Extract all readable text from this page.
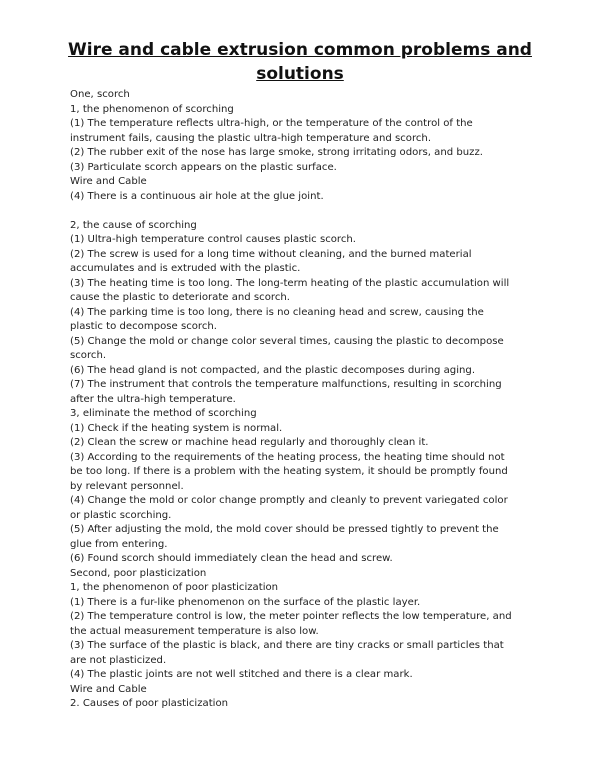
Wire and cable extrusion common problems and
solutions
One, scorch
1, the phenomenon of scorching
(1) The temperature reflects ultra-high, or the temperature of the control of the
instrument fails, causing the plastic ultra-high temperature and scorch.
(2) The rubber exit of the nose has large smoke, strong irritating odors, and buzz.
(3) Particulate scorch appears on the plastic surface.
Wire and Cable
(4) There is a continuous air hole at the glue joint.
2, the cause of scorching
(1) Ultra-high temperature control causes plastic scorch.
(2) The screw is used for a long time without cleaning, and the burned material
accumulates and is extruded with the plastic.
(3) The heating time is too long. The long-term heating of the plastic accumulation will
cause the plastic to deteriorate and scorch.
(4) The parking time is too long, there is no cleaning head and screw, causing the
plastic to decompose scorch.
(5) Change the mold or change color several times, causing the plastic to decompose
scorch.
(6) The head gland is not compacted, and the plastic decomposes during aging.
(7) The instrument that controls the temperature malfunctions, resulting in scorching
after the ultra-high temperature.
3, eliminate the method of scorching
(1) Check if the heating system is normal.
(2) Clean the screw or machine head regularly and thoroughly clean it.
(3) According to the requirements of the heating process, the heating time should not
be too long. If there is a problem with the heating system, it should be promptly found
by relevant personnel.
(4) Change the mold or color change promptly and cleanly to prevent variegated color
or plastic scorching.
(5) After adjusting the mold, the mold cover should be pressed tightly to prevent the
glue from entering.
(6) Found scorch should immediately clean the head and screw.
Second, poor plasticization
1, the phenomenon of poor plasticization
(1) There is a fur-like phenomenon on the surface of the plastic layer.
(2) The temperature control is low, the meter pointer reflects the low temperature, and
the actual measurement temperature is also low.
(3) The surface of the plastic is black, and there are tiny cracks or small particles that
are not plasticized.
(4) The plastic joints are not well stitched and there is a clear mark.
Wire and Cable
2. Causes of poor plasticization
